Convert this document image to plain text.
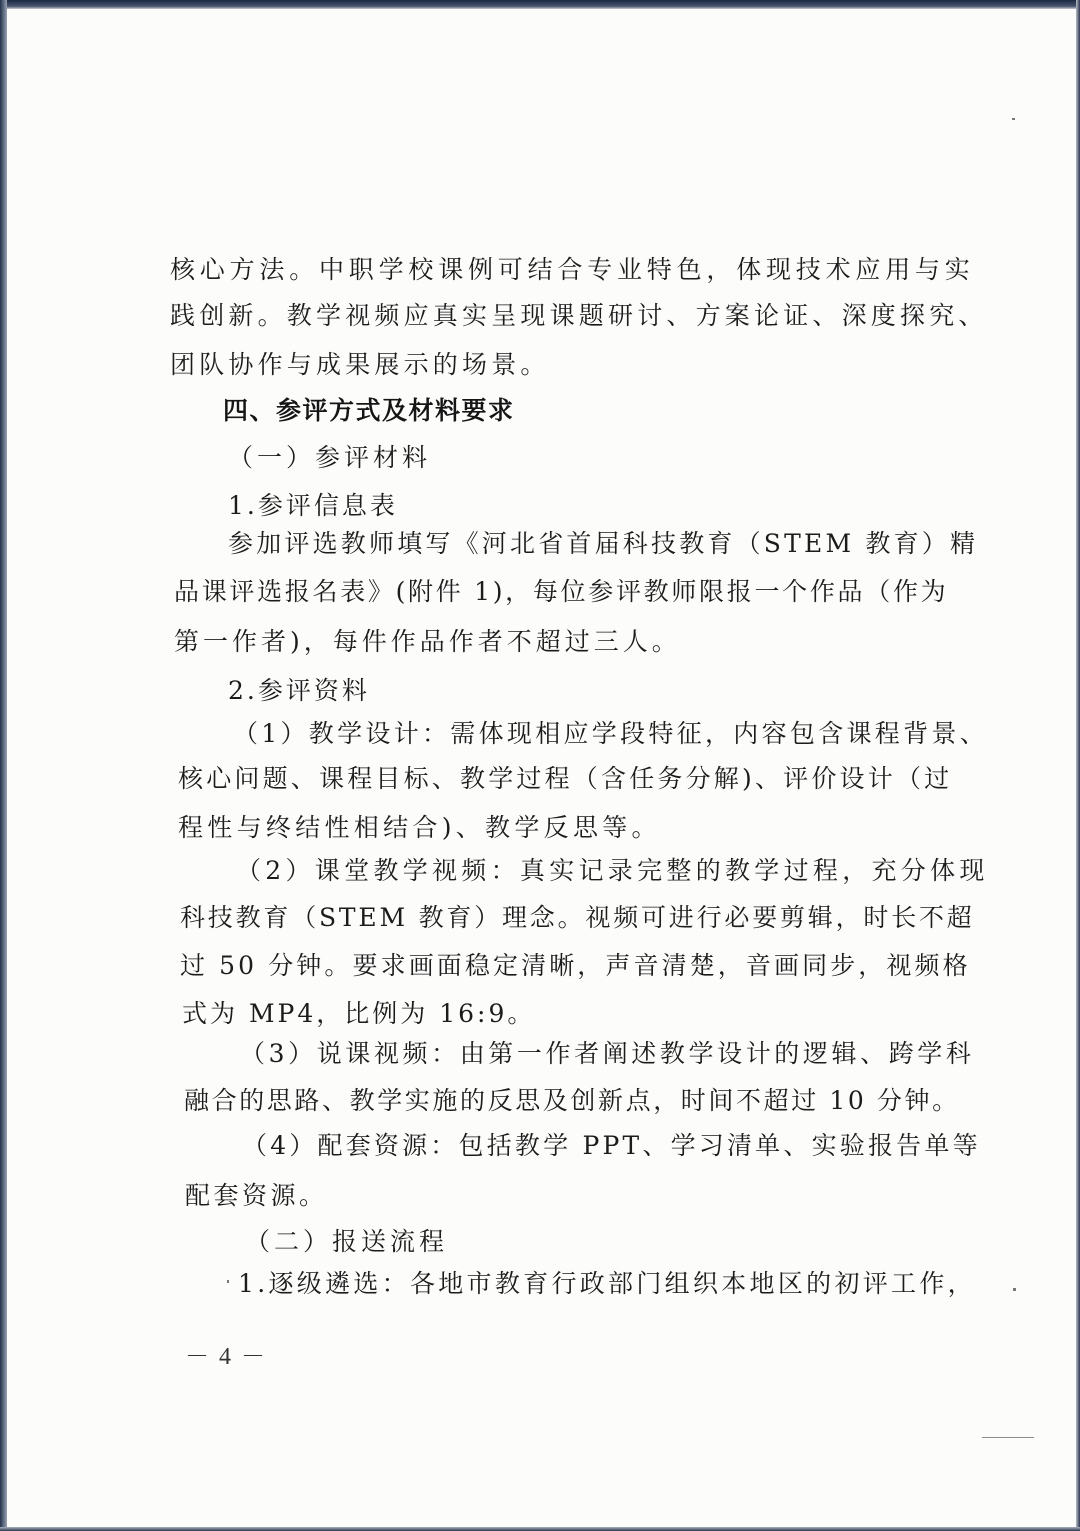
核心方法。中职学校课例可结合专业特色，体现技术应用与实
践创新。教学视频应真实呈现课题研讨、方案论证、深度探究、
团队协作与成果展示的场景。
四、参评方式及材料要求
（一）参评材料
1.参评信息表
参加评选教师填写《河北省首届科技教育（STEM 教育）精
品课评选报名表》(附件 1)，每位参评教师限报一个作品（作为
第一作者)，每件作品作者不超过三人。
2.参评资料
（1）教学设计：需体现相应学段特征，内容包含课程背景、
核心问题、课程目标、教学过程（含任务分解)、评价设计（过
程性与终结性相结合)、教学反思等。
（2）课堂教学视频：真实记录完整的教学过程，充分体现
科技教育（STEM 教育）理念。视频可进行必要剪辑，时长不超
过 50 分钟。要求画面稳定清晰，声音清楚，音画同步，视频格
式为 MP4，比例为 16:9。
（3）说课视频：由第一作者阐述教学设计的逻辑、跨学科
融合的思路、教学实施的反思及创新点，时间不超过 10 分钟。
（4）配套资源：包括教学 PPT、学习清单、实验报告单等
配套资源。
（二）报送流程
1.逐级遴选：各地市教育行政部门组织本地区的初评工作，
－ 4 －
